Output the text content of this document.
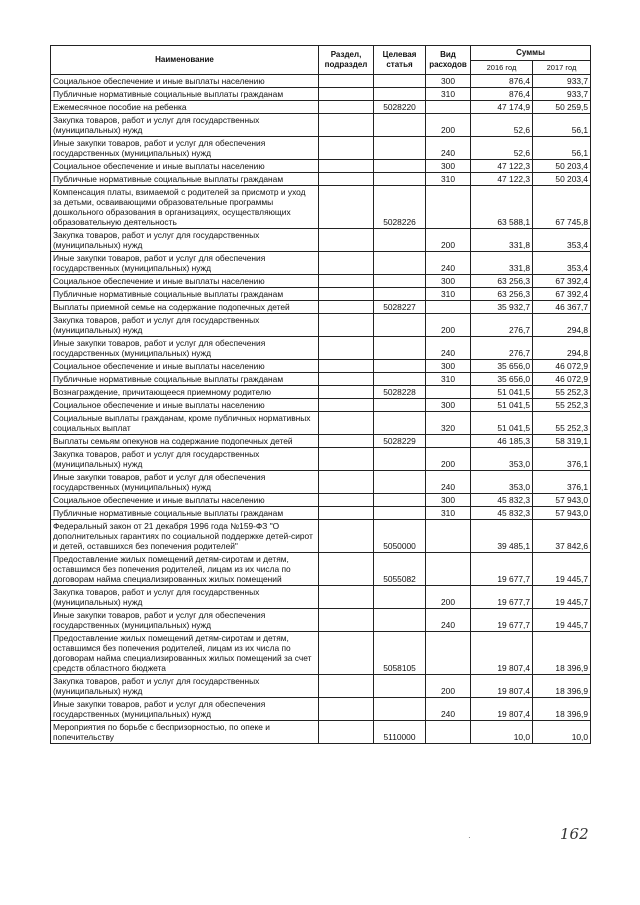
Наименование	Раздел, подраздел	Целевая статья	Вид расходов	Суммы	
				2016 год	2017 год
Социальное обеспечение и иные выплаты населению			300	876,4	933,7
Публичные нормативные социальные выплаты гражданам			310	876,4	933,7
Ежемесячное пособие на ребенка		5028220		47 174,9	50 259,5
Закупка товаров, работ и услуг для государственных (муниципальных) нужд			200	52,6	56,1
Иные закупки товаров, работ и услуг для обеспечения государственных (муниципальных) нужд			240	52,6	56,1
Социальное обеспечение и иные выплаты населению			300	47 122,3	50 203,4
Публичные нормативные социальные выплаты гражданам			310	47 122,3	50 203,4
Компенсация платы, взимаемой с родителей за присмотр и уход за детьми, осваивающими образовательные программы дошкольного образования в организациях, осуществляющих образовательную деятельность		5028226		63 588,1	67 745,8
Закупка товаров, работ и услуг для государственных (муниципальных) нужд			200	331,8	353,4
Иные закупки товаров, работ и услуг для обеспечения государственных (муниципальных) нужд			240	331,8	353,4
Социальное обеспечение и иные выплаты населению			300	63 256,3	67 392,4
Публичные нормативные социальные выплаты гражданам			310	63 256,3	67 392,4
Выплаты приемной семье на содержание подопечных детей		5028227		35 932,7	46 367,7
Закупка товаров, работ и услуг для государственных (муниципальных) нужд			200	276,7	294,8
Иные закупки товаров, работ и услуг для обеспечения государственных (муниципальных) нужд			240	276,7	294,8
Социальное обеспечение и иные выплаты населению			300	35 656,0	46 072,9
Публичные нормативные социальные выплаты гражданам			310	35 656,0	46 072,9
Вознаграждение, причитающееся приемному родителю		5028228		51 041,5	55 252,3
Социальное обеспечение и иные выплаты населению			300	51 041,5	55 252,3
Социальные выплаты гражданам, кроме публичных нормативных социальных выплат			320	51 041,5	55 252,3
Выплаты семьям опекунов на содержание подопечных детей		5028229		46 185,3	58 319,1
Закупка товаров, работ и услуг для государственных (муниципальных) нужд			200	353,0	376,1
Иные закупки товаров, работ и услуг для обеспечения государственных (муниципальных) нужд			240	353,0	376,1
Социальное обеспечение и иные выплаты населению			300	45 832,3	57 943,0
Публичные нормативные социальные выплаты гражданам			310	45 832,3	57 943,0
Федеральный закон от 21 декабря 1996 года №159-ФЗ "О дополнительных гарантиях по социальной поддержке детей-сирот и детей, оставшихся без попечения родителей"		5050000		39 485,1	37 842,6
Предоставление жилых помещений детям-сиротам и детям, оставшимся без попечения родителей, лицам из их числа по договорам найма специализированных жилых помещений		5055082		19 677,7	19 445,7
Закупка товаров, работ и услуг для государственных (муниципальных) нужд			200	19 677,7	19 445,7
Иные закупки товаров, работ и услуг для обеспечения государственных (муниципальных) нужд			240	19 677,7	19 445,7
Предоставление жилых помещений детям-сиротам и детям, оставшимся без попечения родителей, лицам из их числа по договорам найма специализированных жилых помещений за счет средств областного бюджета		5058105		19 807,4	18 396,9
Закупка товаров, работ и услуг для государственных (муниципальных) нужд			200	19 807,4	18 396,9
Иные закупки товаров, работ и услуг для обеспечения государственных (муниципальных) нужд			240	19 807,4	18 396,9
Мероприятия по борьбе с беспризорностью, по опеке и попечительству		5110000		10,0	10,0
·	162
